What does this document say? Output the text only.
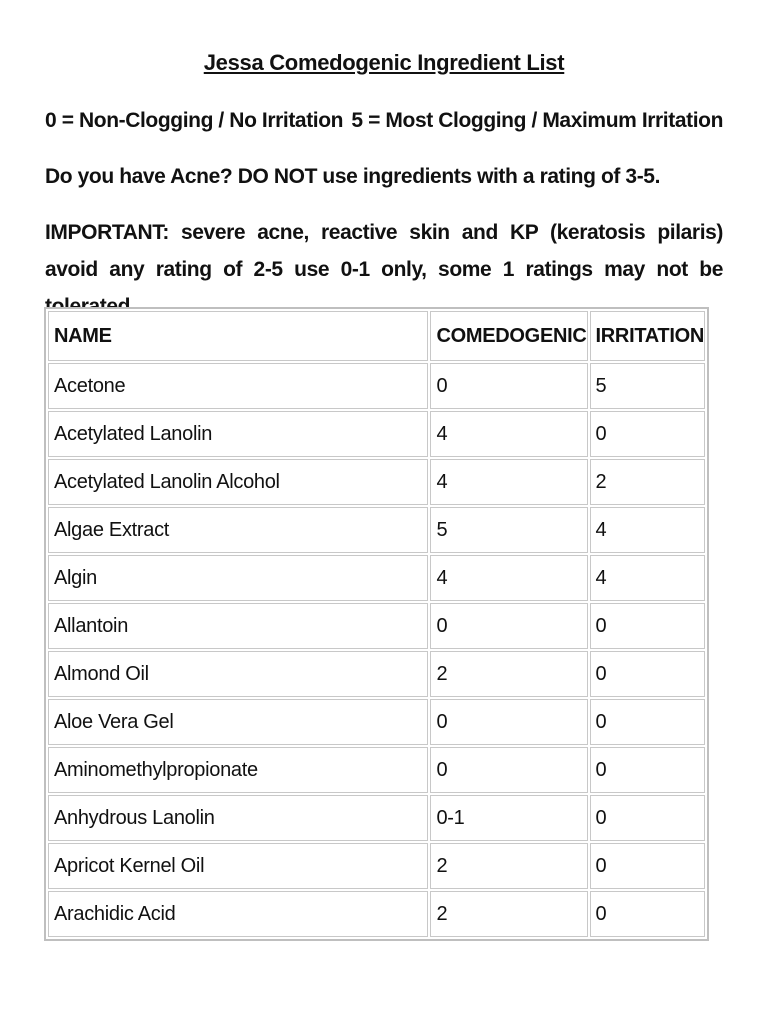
Jessa Comedogenic Ingredient List
0 = Non-Clogging / No Irritation 5 = Most Clogging / Maximum Irritation
Do you have Acne? DO NOT use ingredients with a rating of 3-5.
IMPORTANT: severe acne, reactive skin and KP (keratosis pilaris) avoid any rating of 2-5 use 0-1 only, some 1 ratings may not be
NAME	COMEDOGENIC	IRRITATION
Acetone	0	5
Acetylated Lanolin	4	0
Acetylated Lanolin Alcohol	4	2
Algae Extract	5	4
Algin	4	4
Allantoin	0	0
Almond Oil	2	0
Aloe Vera Gel	0	0
Aminomethylpropionate	0	0
Anhydrous Lanolin	0-1	0
Apricot Kernel Oil	2	0
Arachidic Acid	2	0
